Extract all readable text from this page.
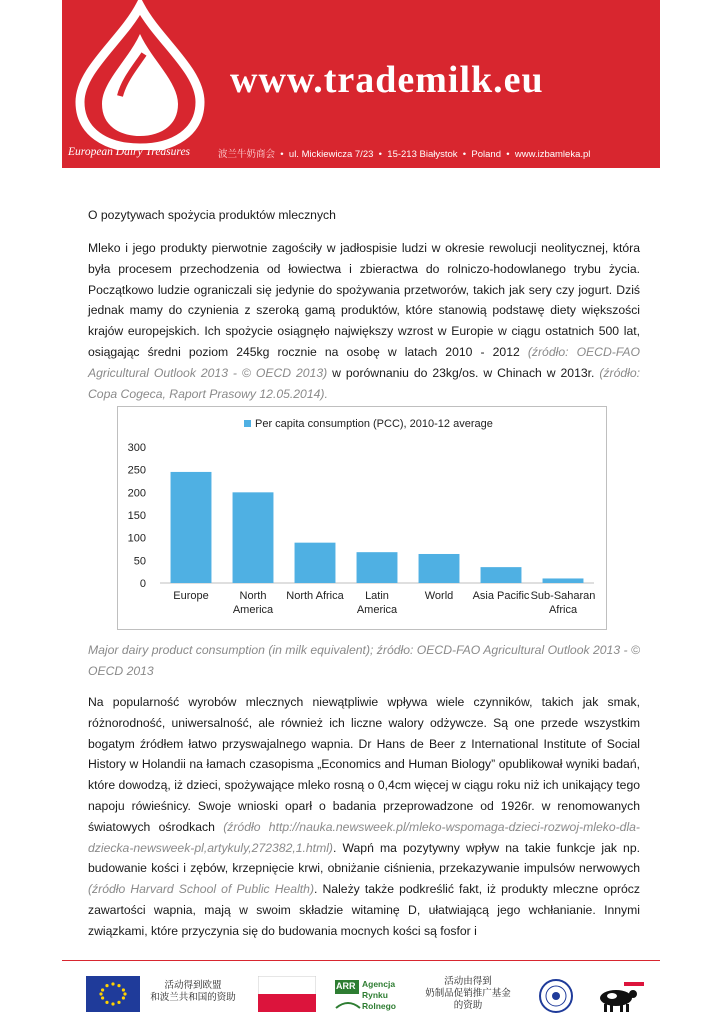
www.trademilk.eu
European Dairy Treasures	波兰牛奶商会  •  ul. Mickiewicza 7/23  •  15-213 Białystok  •  Poland  •  www.izbamleka.pl

O pozytywach spożycia produktów mlecznych

Mleko i jego produkty pierwotnie zagościły w jadłospisie ludzi w okresie rewolucji neolitycznej, która była procesem przechodzenia od łowiectwa i zbieractwa do rolniczo-hodowlanego trybu życia. Początkowo ludzie ograniczali się jedynie do spożywania przetworów, takich jak sery czy jogurt. Dziś jednak mamy do czynienia z szeroką gamą produktów, które stanowią podstawę diety większości krajów europejskich. Ich spożycie osiągnęło największy wzrost w Europie w ciągu ostatnich 500 lat, osiągając średni poziom 245kg rocznie na osobę w latach 2010 - 2012 (źródło: OECD-FAO Agricultural Outlook 2013 - © OECD 2013) w porównaniu do 23kg/os. w Chinach w 2013r. (źródło: Copa Cogeca, Raport Prasowy 12.05.2014).

Per capita consumption (PCC), 2010-12 average
0
50
100
150
200
250
300
Europe	North America
North Africa	Latin America
World Asia Pacific Sub-Saharan Africa

Major dairy product consumption (in milk equivalent); źródło: OECD-FAO Agricultural Outlook 2013 - © OECD 2013

Na popularność wyrobów mlecznych niewątpliwie wpływa wiele czynników, takich jak smak, różnorodność, uniwersalność, ale również ich liczne walory odżywcze. Są one przede wszystkim bogatym źródłem łatwo przyswajalnego wapnia. Dr Hans de Beer z International Institute of Social History w Holandii na łamach czasopisma „Economics and Human Biology” opublikował wyniki badań, które dowodzą, iż dzieci, spożywające mleko rosną o 0,4cm więcej w ciągu roku niż ich unikający tego napoju rówieśnicy. Swoje wnioski oparł o badania przeprowadzone od 1926r. w renomowanych światowych ośrodkach (źródło http://nauka.newsweek.pl/mleko-wspomaga-dzieci-rozwoj-mleko-dla-dziecka-newsweek-pl,artykuly,272382,1.html). Wapń ma pozytywny wpływ na takie funkcje jak np. budowanie kości i zębów, krzepnięcie krwi, obniżanie ciśnienia, przekazywanie impulsów nerwowych (źródło Harvard School of Public Health). Należy także podkreślić fakt, iż produkty mleczne oprócz zawartości wapnia, mają w swoim składzie witaminę D, ułatwiającą jego wchłanianie. Innymi związkami, które przyczynia się do budowania mocnych kości są fosfor i

活动得到欧盟
和波兰共和国的资助
ARR Agencja
Rynku
Rolnego
活动由得到
奶制品促销推广基金
的资助
